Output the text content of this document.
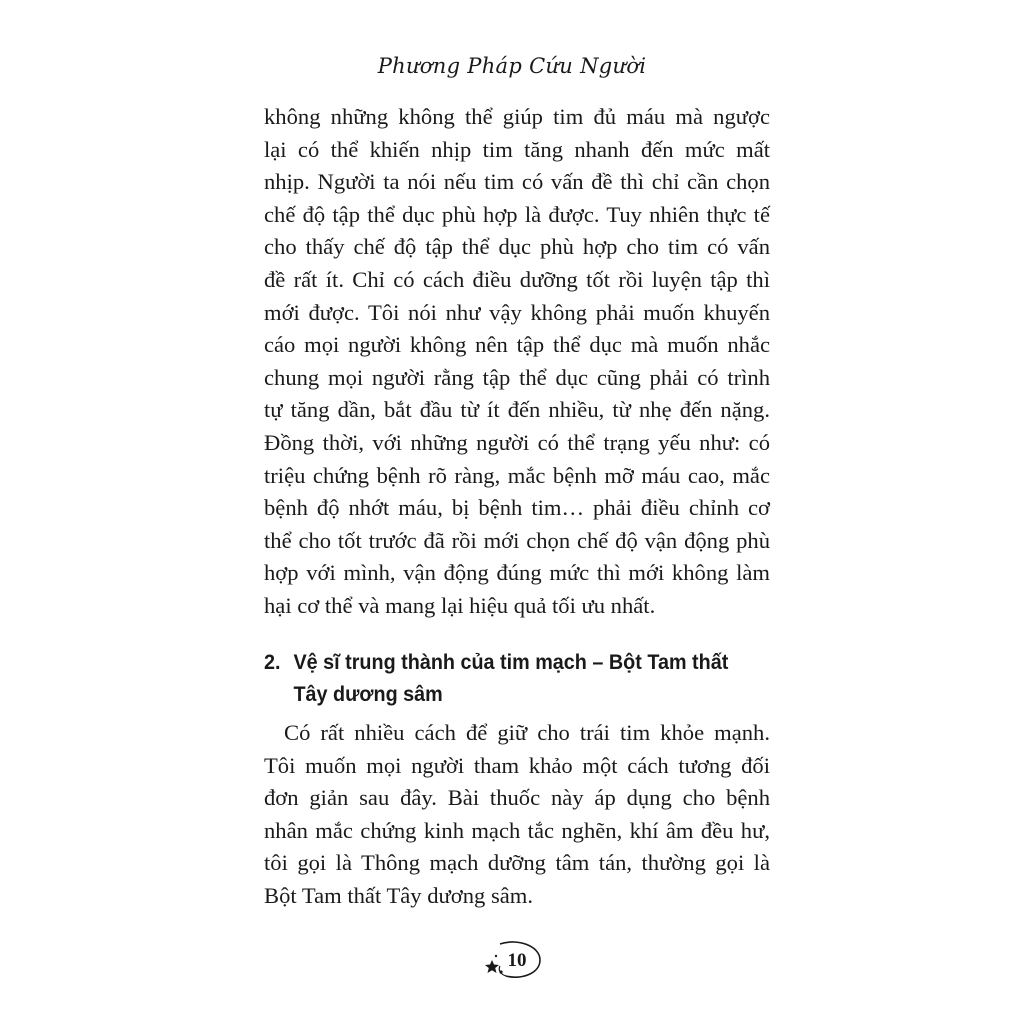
Phương Pháp Cứu Người
không những không thể giúp tim đủ máu mà ngược
lại có thể khiến nhịp tim tăng nhanh đến mức mất
nhịp. Người ta nói nếu tim có vấn đề thì chỉ cần chọn
chế độ tập thể dục phù hợp là được. Tuy nhiên thực tế
cho thấy chế độ tập thể dục phù hợp cho tim có vấn
đề rất ít. Chỉ có cách điều dưỡng tốt rồi luyện tập thì
mới được. Tôi nói như vậy không phải muốn khuyến
cáo mọi người không nên tập thể dục mà muốn nhắc
chung mọi người rằng tập thể dục cũng phải có trình
tự tăng dần, bắt đầu từ ít đến nhiều, từ nhẹ đến nặng.
Đồng thời, với những người có thể trạng yếu như: có
triệu chứng bệnh rõ ràng, mắc bệnh mỡ máu cao, mắc
bệnh độ nhớt máu, bị bệnh tim… phải điều chỉnh cơ
thể cho tốt trước đã rồi mới chọn chế độ vận động phù
hợp với mình, vận động đúng mức thì mới không làm
hại cơ thể và mang lại hiệu quả tối ưu nhất.
2. Vệ sĩ trung thành của tim mạch – Bột Tam thất
Tây dương sâm
Có rất nhiều cách để giữ cho trái tim khỏe mạnh.
Tôi muốn mọi người tham khảo một cách tương đối
đơn giản sau đây. Bài thuốc này áp dụng cho bệnh
nhân mắc chứng kinh mạch tắc nghẽn, khí âm đều hư,
tôi gọi là Thông mạch dưỡng tâm tán, thường gọi là
Bột Tam thất Tây dương sâm.
10
